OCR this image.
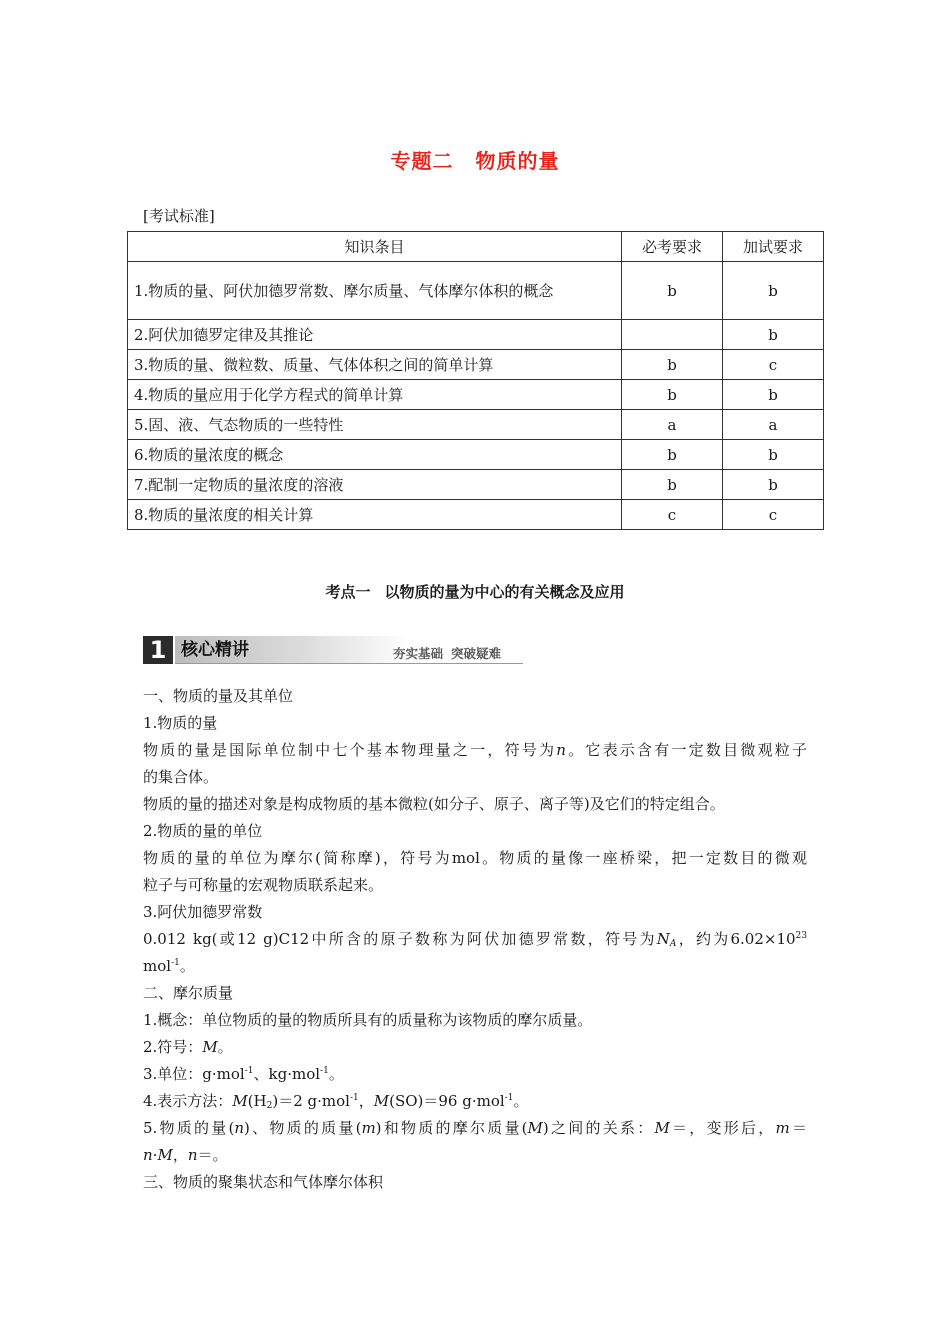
专题二 物质的量
[考试标准]
知识条目	必考要求	加试要求
1.物质的量、阿伏加德罗常数、摩尔质量、气体摩尔体积的概念	b	b
2.阿伏加德罗定律及其推论		b
3.物质的量、微粒数、质量、气体体积之间的简单计算	b	c
4.物质的量应用于化学方程式的简单计算	b	b
5.固、液、气态物质的一些特性	a	a
6.物质的量浓度的概念	b	b
7.配制一定物质的量浓度的溶液	b	b
8.物质的量浓度的相关计算	c	c
考点一 以物质的量为中心的有关概念及应用
1 核心精讲	夯实基础 突破疑难

一、物质的量及其单位

1.物质的量

物质的量是国际单位制中七个基本物理量之一，符号为n。它表示含有一定数目微观粒子

的集合体。

物质的量的描述对象是构成物质的基本微粒(如分子、原子、离子等)及它们的特定组合。

2.物质的量的单位

物质的量的单位为摩尔(简称摩)，符号为mol。物质的量像一座桥梁，把一定数目的微观

粒子与可称量的宏观物质联系起来。

3.阿伏加德罗常数

0.012 kg(或12 g)C12中所含的原子数称为阿伏加德罗常数，符号为$N_A$，约为$6.02\times 10^{23}$

mol$^{-1}$。

二、摩尔质量

1.概念：单位物质的量的物质所具有的质量称为该物质的摩尔质量。

2.符号：M。

3.单位：g·mol$^{-1}$、kg·mol$^{-1}$。

4.表示方法：$M(H_2)=2$ g·mol$^{-1}$，M(SO)＝96 g·mol$^{-1}$。

5.物质的量(n)、物质的质量(m)和物质的摩尔质量(M)之间的关系：M＝，变形后，m＝

n·M，n＝。

三、物质的聚集状态和气体摩尔体积
